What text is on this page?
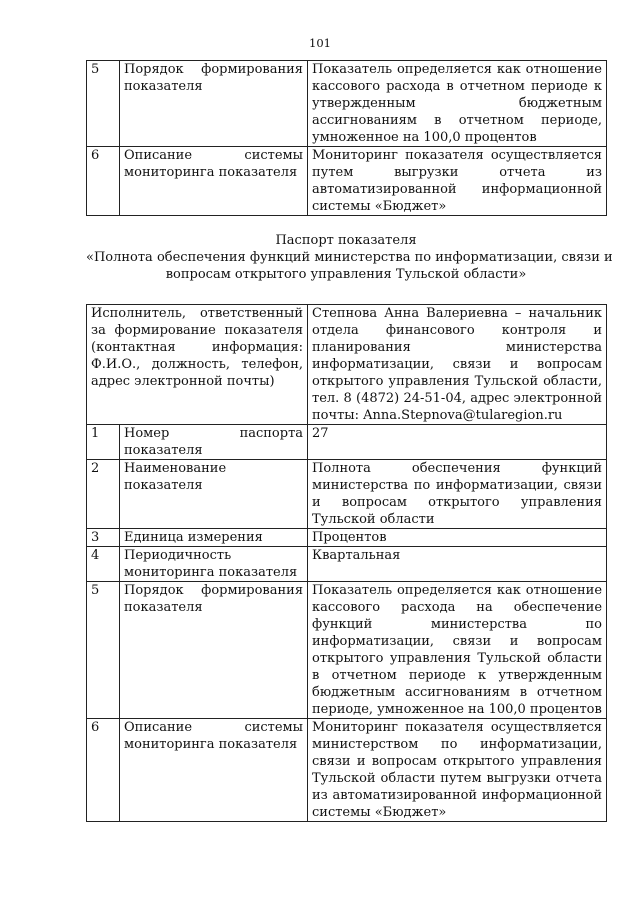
101
5	Порядок формирования показателя	Показатель определяется как отношение кассового расхода в отчетном периоде к утвержденным бюджетным ассигнованиям в отчетном периоде, умноженное на 100,0 процентов
6	Описание системы мониторинга показателя	Мониторинг показателя осуществляется путем выгрузки отчета из автоматизированной информационной системы «Бюджет»
Паспорт показателя
«Полнота обеспечения функций министерства по информатизации, связи и
вопросам открытого управления Тульской области»
Исполнитель, ответственный за формирование показателя (контактная информация: Ф.И.О., должность, телефон, адрес электронной почты)		Степнова Анна Валериевна – начальник отдела финансового контроля и планирования министерства информатизации, связи и вопросам открытого управления Тульской области, тел. 8 (4872) 24-51-04, адрес электронной почты: Anna.Stepnova@tularegion.ru
1	Номер паспорта показателя	27
2	Наименование показателя	Полнота обеспечения функций министерства по информатизации, связи и вопросам открытого управления Тульской области
3	Единица измерения	Процентов
4	Периодичность мониторинга показателя	Квартальная
5	Порядок формирования показателя	Показатель определяется как отношение кассового расхода на обеспечение функций министерства по информатизации, связи и вопросам открытого управления Тульской области в отчетном периоде к утвержденным бюджетным ассигнованиям в отчетном периоде, умноженное на 100,0 процентов
6	Описание системы мониторинга показателя	Мониторинг показателя осуществляется министерством по информатизации, связи и вопросам открытого управления Тульской области путем выгрузки отчета из автоматизированной информационной системы «Бюджет»
